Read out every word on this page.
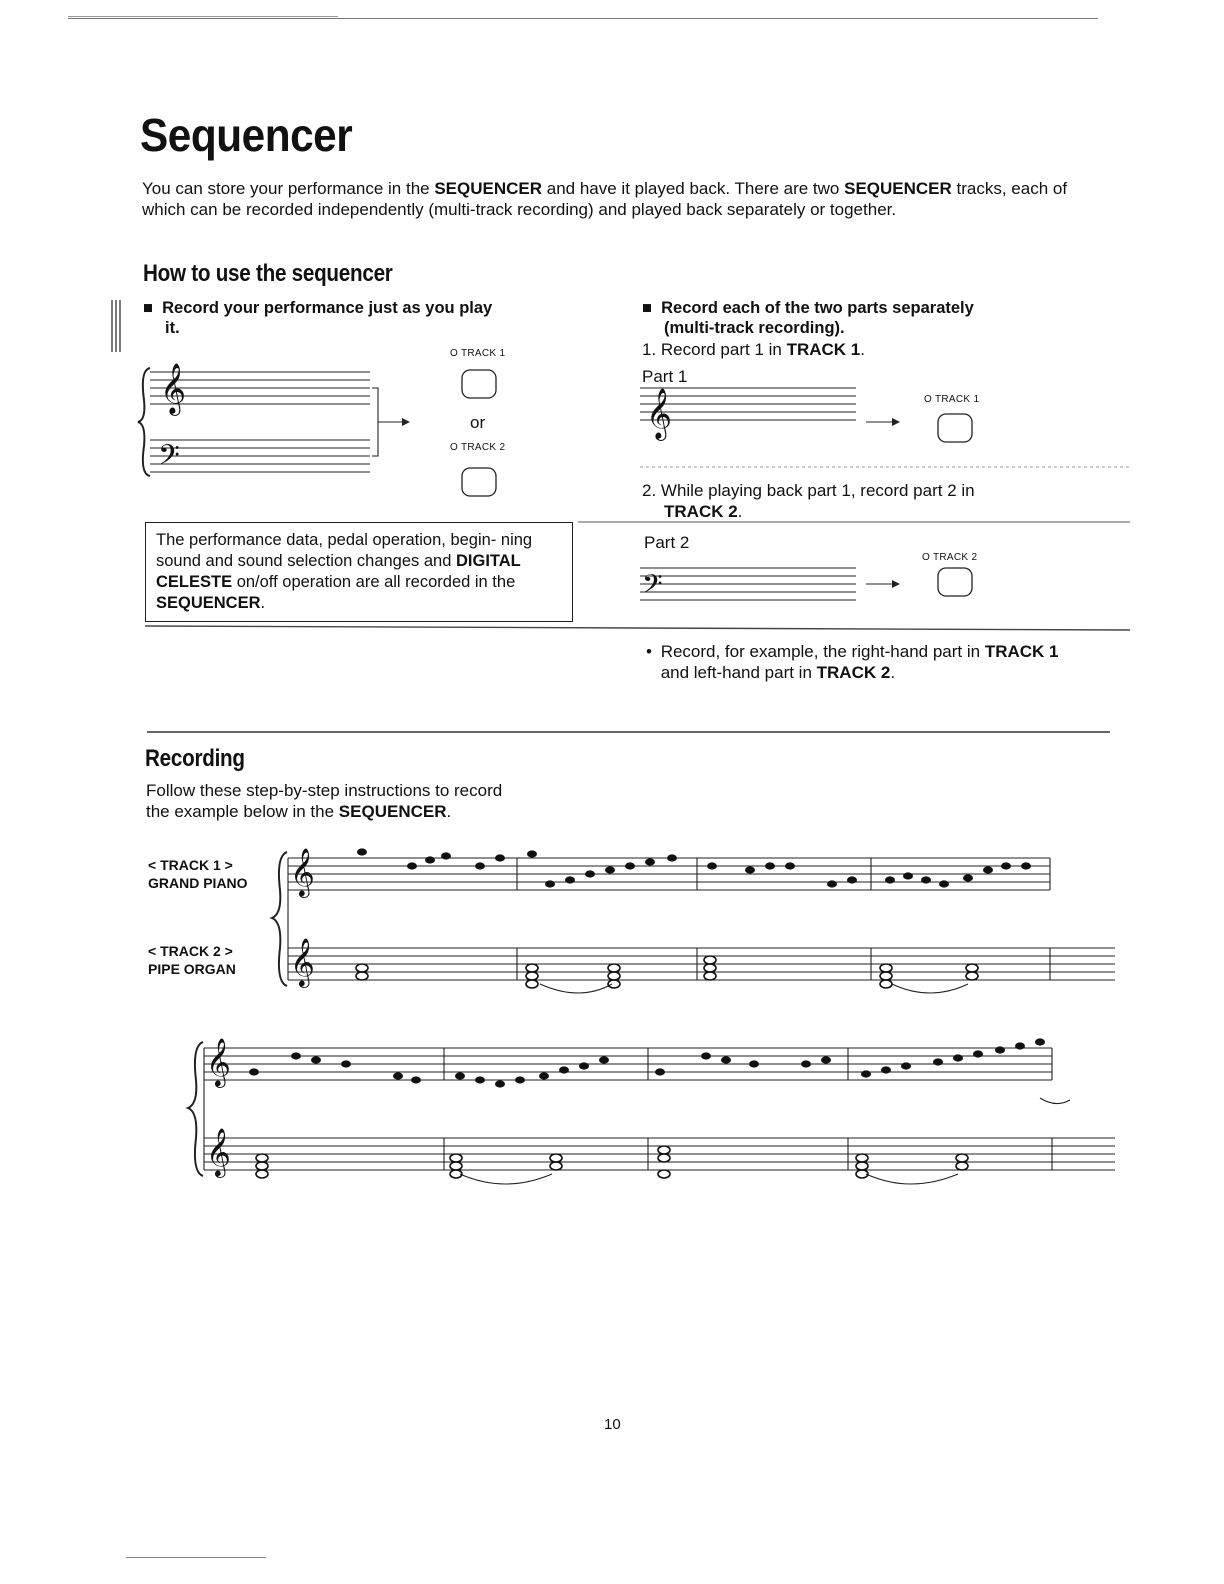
Sequencer
You can store your performance in the SEQUENCER and have it played back. There are two SEQUENCER tracks, each of which can be recorded independently (multi-track recording) and played back separately or together.
How to use the sequencer
■  Record your performance just as you play
it.
𝄞
𝄢
𝄞
𝄢
𝄞
𝄞
𝄞
𝄞
O TRACK 1
or
O TRACK 2
The performance data, pedal operation, begin- ning sound and sound selection changes and DIGITAL CELESTE on/off operation are all recorded in the SEQUENCER.
■  Record each of the two parts separately
(multi-track recording).
1. Record part 1 in TRACK 1.
Part 1
O TRACK 1
2. While playing back part 1, record part 2 in
TRACK 2.
Part 2
O TRACK 2
• Record, for example, the right-hand part in TRACK 1 and left-hand part in TRACK 2.
Recording
Follow these step-by-step instructions to record
the example below in the SEQUENCER.
< TRACK 1 >
GRAND PIANO
< TRACK 2 >
PIPE ORGAN
10
